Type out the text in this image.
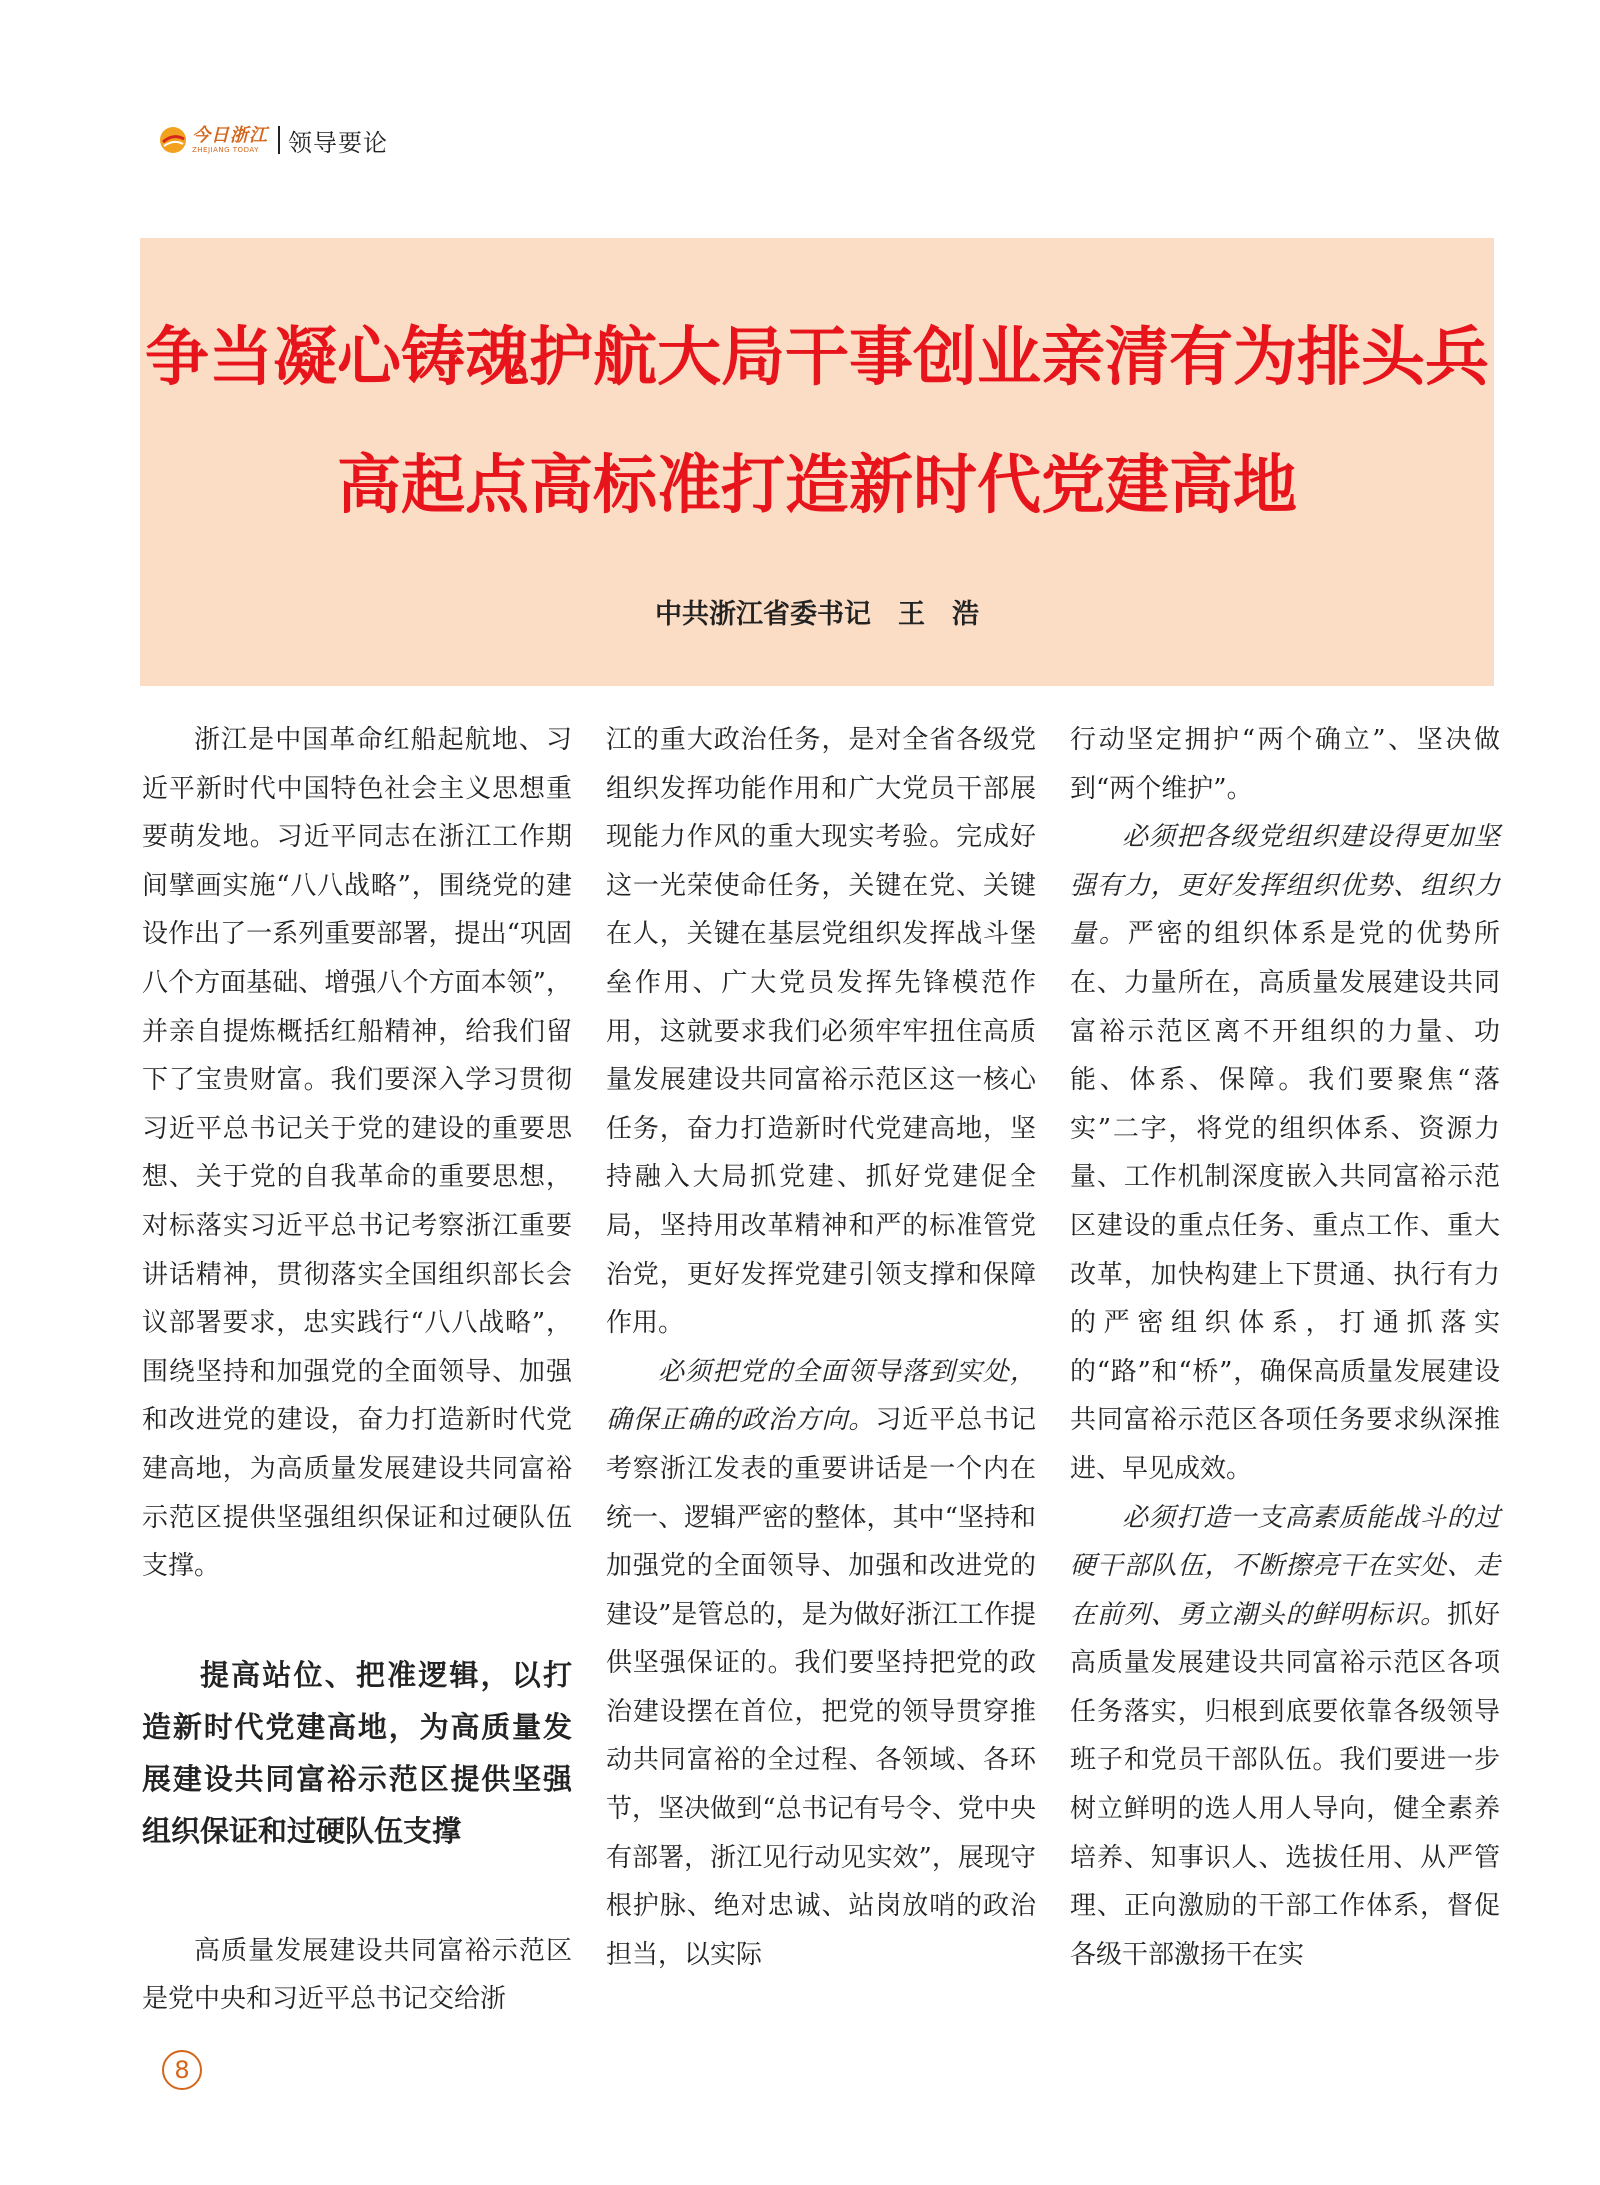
今日浙江
ZHEJIANG TODAY	领导要论
争当凝心铸魂护航大局干事创业亲清有为排头兵
高起点高标准打造新时代党建高地
中共浙江省委书记　王　浩

浙江是中国革命红船起航地、习近平新时代中国特色社会主义思想重要萌发地。习近平同志在浙江工作期间擘画实施“八八战略”，围绕党的建设作出了一系列重要部署，提出“巩固八个方面基础、增强八个方面本领”，并亲自提炼概括红船精神，给我们留下了宝贵财富。我们要深入学习贯彻习近平总书记关于党的建设的重要思想、关于党的自我革命的重要思想，对标落实习近平总书记考察浙江重要讲话精神，贯彻落实全国组织部长会议部署要求，忠实践行“八八战略”，围绕坚持和加强党的全面领导、加强和改进党的建设，奋力打造新时代党建高地，为高质量发展建设共同富裕示范区提供坚强组织保证和过硬队伍支撑。

提高站位、把准逻辑，以打造新时代党建高地，为高质量发展建设共同富裕示范区提供坚强组织保证和过硬队伍支撑

高质量发展建设共同富裕示范区是党中央和习近平总书记交给浙

江的重大政治任务，是对全省各级党组织发挥功能作用和广大党员干部展现能力作风的重大现实考验。完成好这一光荣使命任务，关键在党、关键在人，关键在基层党组织发挥战斗堡垒作用、广大党员发挥先锋模范作用，这就要求我们必须牢牢扭住高质量发展建设共同富裕示范区这一核心任务，奋力打造新时代党建高地，坚持融入大局抓党建、抓好党建促全局，坚持用改革精神和严的标准管党治党，更好发挥党建引领支撑和保障作用。

必须把党的全面领导落到实处，确保正确的政治方向。习近平总书记考察浙江发表的重要讲话是一个内在统一、逻辑严密的整体，其中“坚持和加强党的全面领导、加强和改进党的建设”是管总的，是为做好浙江工作提供坚强保证的。我们要坚持把党的政治建设摆在首位，把党的领导贯穿推动共同富裕的全过程、各领域、各环节，坚决做到“总书记有号令、党中央有部署，浙江见行动见实效”，展现守根护脉、绝对忠诚、站岗放哨的政治担当，以实际

行动坚定拥护“两个确立”、坚决做到“两个维护”。

必须把各级党组织建设得更加坚强有力，更好发挥组织优势、组织力量。严密的组织体系是党的优势所在、力量所在，高质量发展建设共同富裕示范区离不开组织的力量、功能、体系、保障。我们要聚焦“落实”二字，将党的组织体系、资源力量、工作机制深度嵌入共同富裕示范区建设的重点任务、重点工作、重大改革，加快构建上下贯通、执行有力的严密组织体系，打通抓落实的“路”和“桥”，确保高质量发展建设共同富裕示范区各项任务要求纵深推进、早见成效。

必须打造一支高素质能战斗的过硬干部队伍，不断擦亮干在实处、走在前列、勇立潮头的鲜明标识。抓好高质量发展建设共同富裕示范区各项任务落实，归根到底要依靠各级领导班子和党员干部队伍。我们要进一步树立鲜明的选人用人导向，健全素养培养、知事识人、选拔任用、从严管理、正向激励的干部工作体系，督促各级干部激扬干在实

8
